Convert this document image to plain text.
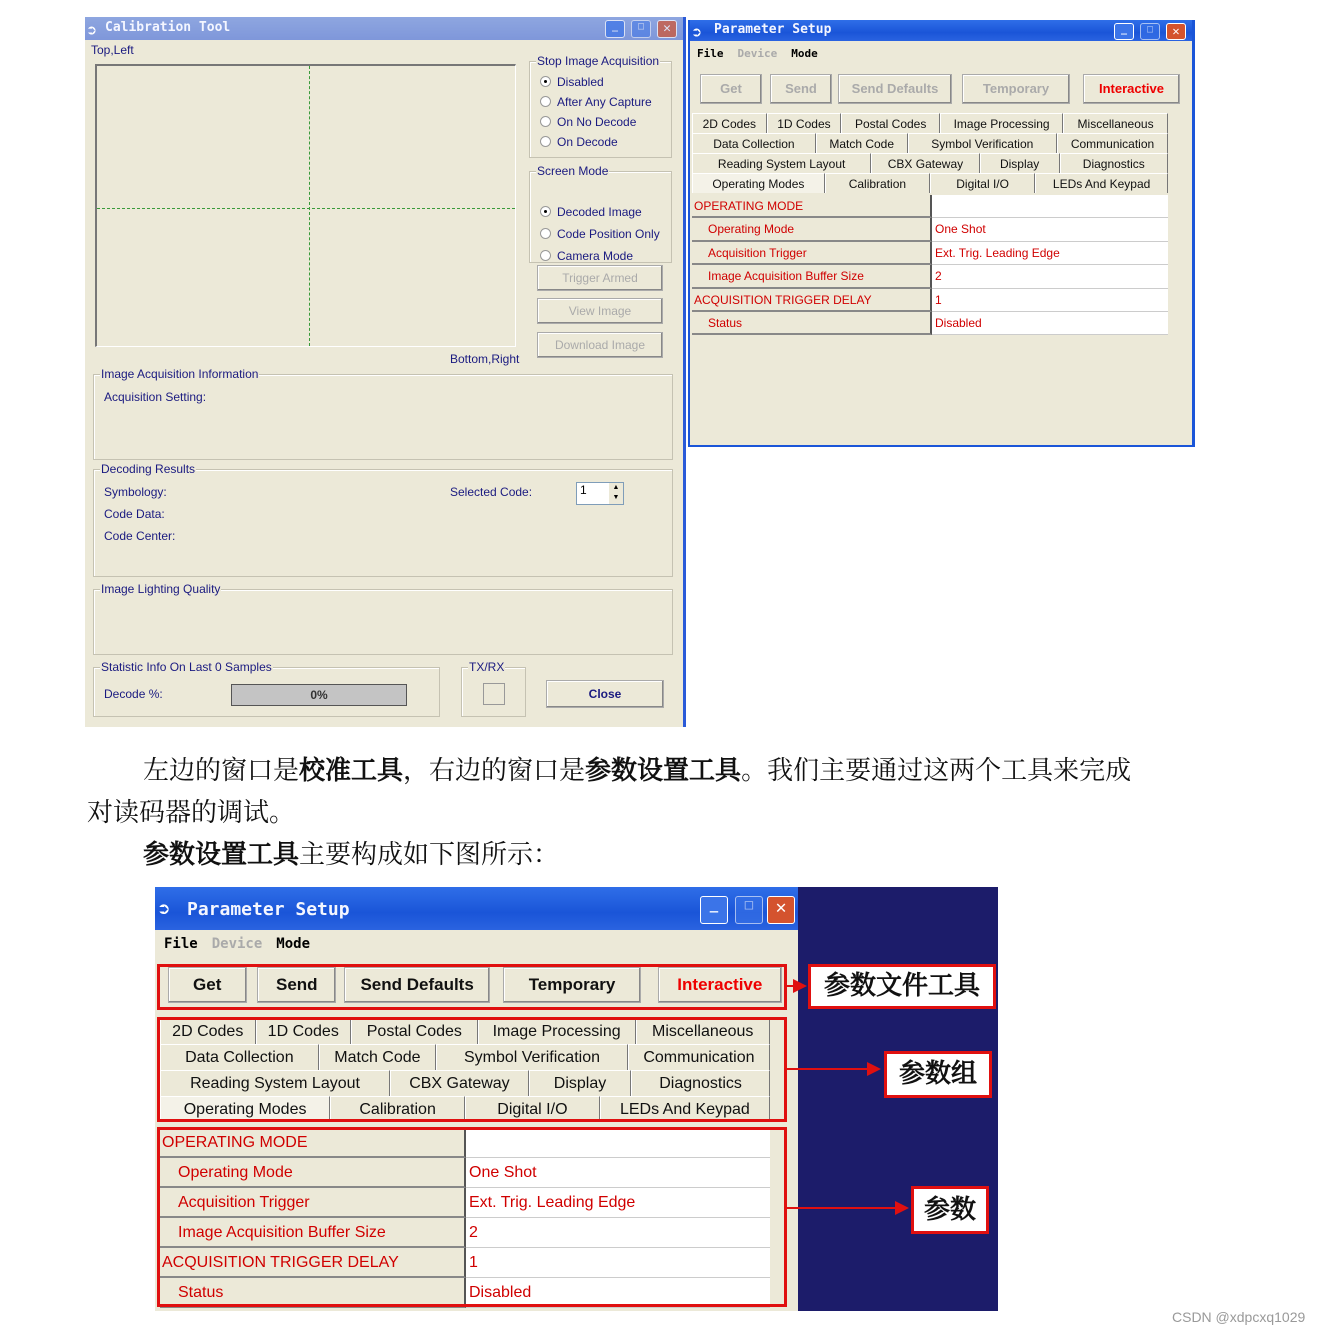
➲ Calibration Tool	_	□	✕
Top,Left
Bottom,Right
Stop Image Acquisition
Disabled
After Any Capture
On No Decode
On Decode
Screen Mode
Decoded Image
Code Position Only
Camera Mode
Trigger Armed
View Image
Download Image
Image Acquisition Information
Acquisition Setting:
Decoding Results
Symbology:
Code Data:
Code Center:
Selected Code:	1	▲
▼
Image Lighting Quality
Statistic Info On Last 0 Samples
Decode %:	0%
TX/RX
Close
➲ Parameter Setup	_	□	✕
File Device Mode
Get	Send	Send Defaults	Temporary	Interactive
2D Codes	1D Codes	Postal Codes	Image Processing	Miscellaneous
Data Collection	Match Code	Symbol Verification	Communication
Reading System Layout	CBX Gateway	Display	Diagnostics
Operating Modes	Calibration	Digital I/O	LEDs And Keypad
OPERATING MODE
Operating Mode	One Shot
Acquisition Trigger	Ext. Trig. Leading Edge
Image Acquisition Buffer Size	2
ACQUISITION TRIGGER DELAY	1
Status	Disabled
左边的窗口是校准工具，右边的窗口是参数设置工具。我们主要通过这两个工具来完成
对读码器的调试。
参数设置工具主要构成如下图所示：
➲ Parameter Setup	_	□	✕
File Device Mode
Get	Send	Send Defaults	Temporary	Interactive
2D Codes	1D Codes	Postal Codes	Image Processing	Miscellaneous
Data Collection	Match Code	Symbol Verification	Communication
Reading System Layout	CBX Gateway	Display	Diagnostics
Operating Modes	Calibration	Digital I/O	LEDs And Keypad
OPERATING MODE
Operating Mode	One Shot
Acquisition Trigger	Ext. Trig. Leading Edge
Image Acquisition Buffer Size	2
ACQUISITION TRIGGER DELAY	1
Status	Disabled
参数文件工具
参数组
参数
CSDN @xdpcxq1029
